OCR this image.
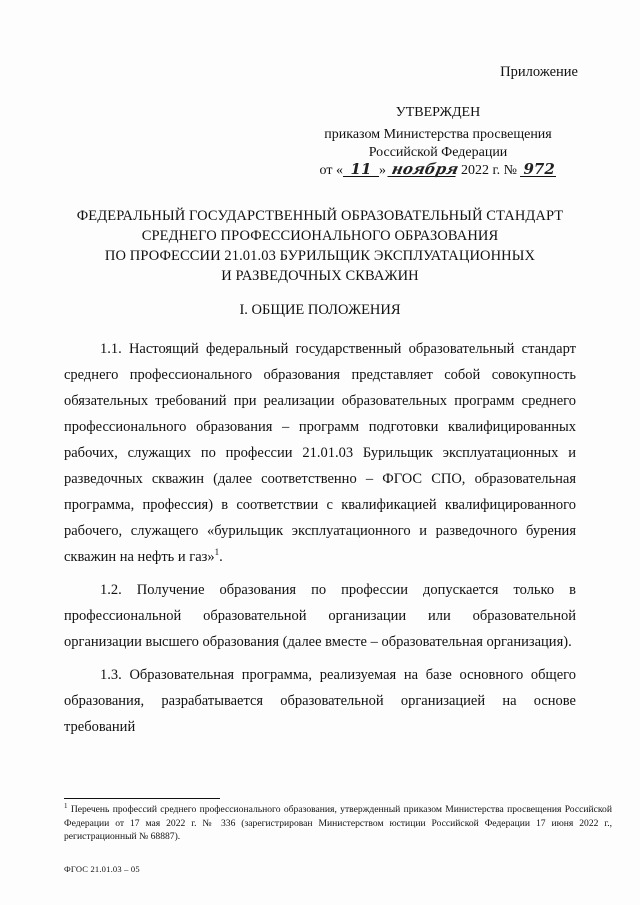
Приложение
УТВЕРЖДЕН
приказом Министерства просвещения
Российской Федерации
от « 11 » ноября 2022 г. № 972
ФЕДЕРАЛЬНЫЙ ГОСУДАРСТВЕННЫЙ ОБРАЗОВАТЕЛЬНЫЙ СТАНДАРТ
СРЕДНЕГО ПРОФЕССИОНАЛЬНОГО ОБРАЗОВАНИЯ
ПО ПРОФЕССИИ 21.01.03 БУРИЛЬЩИК ЭКСПЛУАТАЦИОННЫХ
И РАЗВЕДОЧНЫХ СКВАЖИН
I. ОБЩИЕ ПОЛОЖЕНИЯ

1.1. Настоящий федеральный государственный образовательный стандарт среднего профессионального образования представляет собой совокупность обязательных требований при реализации образовательных программ среднего профессионального образования – программ подготовки квалифицированных рабочих, служащих по профессии 21.01.03 Бурильщик эксплуатационных и разведочных скважин (далее соответственно – ФГОС СПО, образовательная программа, профессия) в соответствии с квалификацией квалифицированного рабочего, служащего «бурильщик эксплуатационного и разведочного бурения скважин на нефть и газ»$^1$.

1.2. Получение образования по профессии допускается только в профессиональной образовательной организации или образовательной организации высшего образования (далее вместе – образовательная организация).

1.3. Образовательная программа, реализуемая на базе основного общего образования, разрабатывается образовательной организацией на основе требований

$^1$ Перечень профессий среднего профессионального образования, утвержденный приказом Министерства просвещения Российской Федерации от 17 мая 2022 г. № 336 (зарегистрирован Министерством юстиции Российской Федерации 17 июня 2022 г., регистрационный № 68887).
ФГОС 21.01.03 – 05
